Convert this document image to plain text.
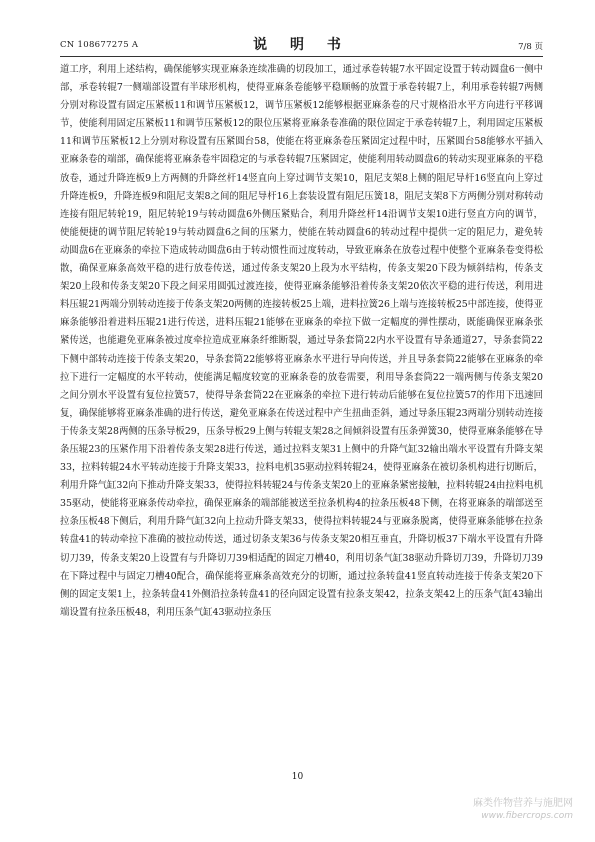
CN 108677275 A	说 明 书	7/8 页

道工序，利用上述结构，确保能够实现亚麻条连续准确的切段加工，通过承卷转辊7水平固定设置于转动圆盘6一侧中部，承卷转辊7一侧端部设置有半球形机构，使得亚麻条卷能够平稳顺畅的放置于承卷转辊7上，利用承卷转辊7两侧分别对称设置有固定压紧板11和调节压紧板12，调节压紧板12能够根据亚麻条卷的尺寸规格沿水平方向进行平移调节，使能利用固定压紧板11和调节压紧板12的限位压紧将亚麻条卷准确的限位固定于承卷转辊7上，利用固定压紧板11和调节压紧板12上分别对称设置有压紧圆台58，使能在将亚麻条卷压紧固定过程中时，压紧圆台58能够水平插入亚麻条卷的端部，确保能将亚麻条卷牢固稳定的与承卷转辊7压紧固定，使能利用转动圆盘6的转动实现亚麻条的平稳放卷，通过升降连板9上方两侧的升降丝杆14竖直向上穿过调节支架10，阻尼支架8上侧的阻尼导杆16竖直向上穿过升降连板9，升降连板9和阻尼支架8之间的阻尼导杆16上套装设置有阻尼压簧18，阻尼支架8下方两侧分别对称转动连接有阻尼转轮19，阻尼转轮19与转动圆盘6外侧压紧贴合，利用升降丝杆14沿调节支架10进行竖直方向的调节，使能便捷的调节阻尼转轮19与转动圆盘6之间的压紧力，使能在转动圆盘6的转动过程中提供一定的阻尼力，避免转动圆盘6在亚麻条的牵拉下造成转动圆盘6由于转动惯性而过度转动，导致亚麻条在放卷过程中使整个亚麻条卷变得松散，确保亚麻条高效平稳的进行放卷传送，通过传条支架20上段为水平结构，传条支架20下段为倾斜结构，传条支架20上段和传条支架20下段之间采用圆弧过渡连接，使得亚麻条能够沿着传条支架20依次平稳的进行传送，利用进料压辊21两端分别转动连接于传条支架20两侧的连接转板25上端，进料拉簧26上端与连接转板25中部连接，使得亚麻条能够沿着进料压辊21进行传送，进料压辊21能够在亚麻条的牵拉下做一定幅度的弹性摆动，既能确保亚麻条张紧传送，也能避免亚麻条被过度牵拉造成亚麻条纤维断裂，通过导条套筒22内水平设置有导条通道27，导条套筒22下侧中部转动连接于传条支架20，导条套筒22能够将亚麻条水平进行导向传送，并且导条套筒22能够在亚麻条的牵拉下进行一定幅度的水平转动，使能满足幅度较宽的亚麻条卷的放卷需要，利用导条套筒22一端两侧与传条支架20之间分别水平设置有复位拉簧57，使得导条套筒22在亚麻条的牵拉下进行转动后能够在复位拉簧57的作用下迅速回复，确保能够将亚麻条准确的进行传送，避免亚麻条在传送过程中产生扭曲歪斜，通过导条压辊23两端分别转动连接于传条支架28两侧的压条导板29，压条导板29上侧与转辊支架28之间倾斜设置有压条弹簧30，使得亚麻条能够在导条压辊23的压紧作用下沿着传条支架28进行传送，通过拉料支架31上侧中的升降气缸32输出端水平设置有升降支架33，拉料转辊24水平转动连接于升降支架33，拉料电机35驱动拉料转辊24，使得亚麻条在被切条机构进行切断后，利用升降气缸32向下推动升降支架33，使得拉料转辊24与传条支架20上的亚麻条紧密接触，拉料转辊24由拉料电机35驱动，使能将亚麻条传动牵拉，确保亚麻条的端部能被送至拉条机构4的拉条压板48下侧，在将亚麻条的端部送至拉条压板48下侧后，利用升降气缸32向上拉动升降支架33，使得拉料转辊24与亚麻条脱离，使得亚麻条能够在拉条转盘41的转动牵拉下准确的被拉动传送，通过切条支架36与传条支架20相互垂直，升降切板37下端水平设置有升降切刀39，传条支架20上设置有与升降切刀39相适配的固定刀槽40，利用切条气缸38驱动升降切刀39，升降切刀39在下降过程中与固定刀槽40配合，确保能将亚麻条高效充分的切断，通过拉条转盘41竖直转动连接于传条支架20下侧的固定支架1上，拉条转盘41外侧沿拉条转盘41的径向固定设置有拉条支架42，拉条支架42上的压条气缸43输出端设置有拉条压板48，利用压条气缸43驱动拉条压

10
麻类作物营养与施肥网
www.fibercrops.com
